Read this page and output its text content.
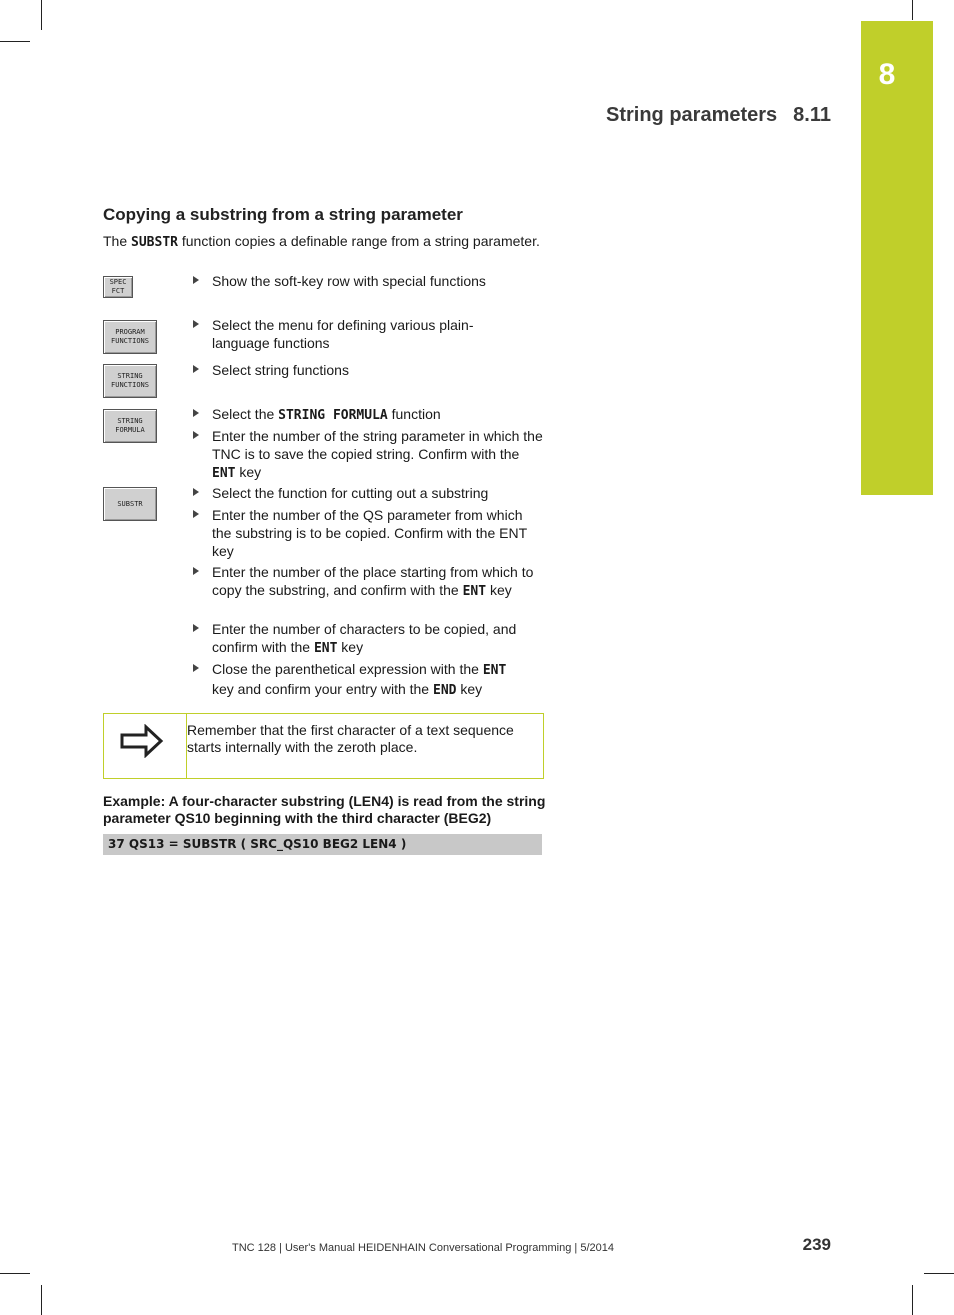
8
String parameters 8.11
Copying a substring from a string parameter
The SUBSTR function copies a definable range from a string parameter.
SPEC
FCT
PROGRAM
FUNCTIONS
STRING
FUNCTIONS
STRING
FORMULA
SUBSTR
Show the soft-key row with special functions
Select the menu for defining various plain-language functions
Select string functions
Select the STRING FORMULA function
Enter the number of the string parameter in which the TNC is to save the copied string. Confirm with the ENT key
Select the function for cutting out a substring
Enter the number of the QS parameter from which the substring is to be copied. Confirm with the ENT key
Enter the number of the place starting from which to copy the substring, and confirm with the ENT key
Enter the number of characters to be copied, and confirm with the ENT key
Close the parenthetical expression with the ENT
key and confirm your entry with the END key
Remember that the first character of a text sequence starts internally with the zeroth place.
Example: A four-character substring (LEN4) is read from the string parameter QS10 beginning with the third character (BEG2)
37 QS13 = SUBSTR ( SRC_QS10 BEG2 LEN4 )
TNC 128 | User's Manual HEIDENHAIN Conversational Programming | 5/2014	239
